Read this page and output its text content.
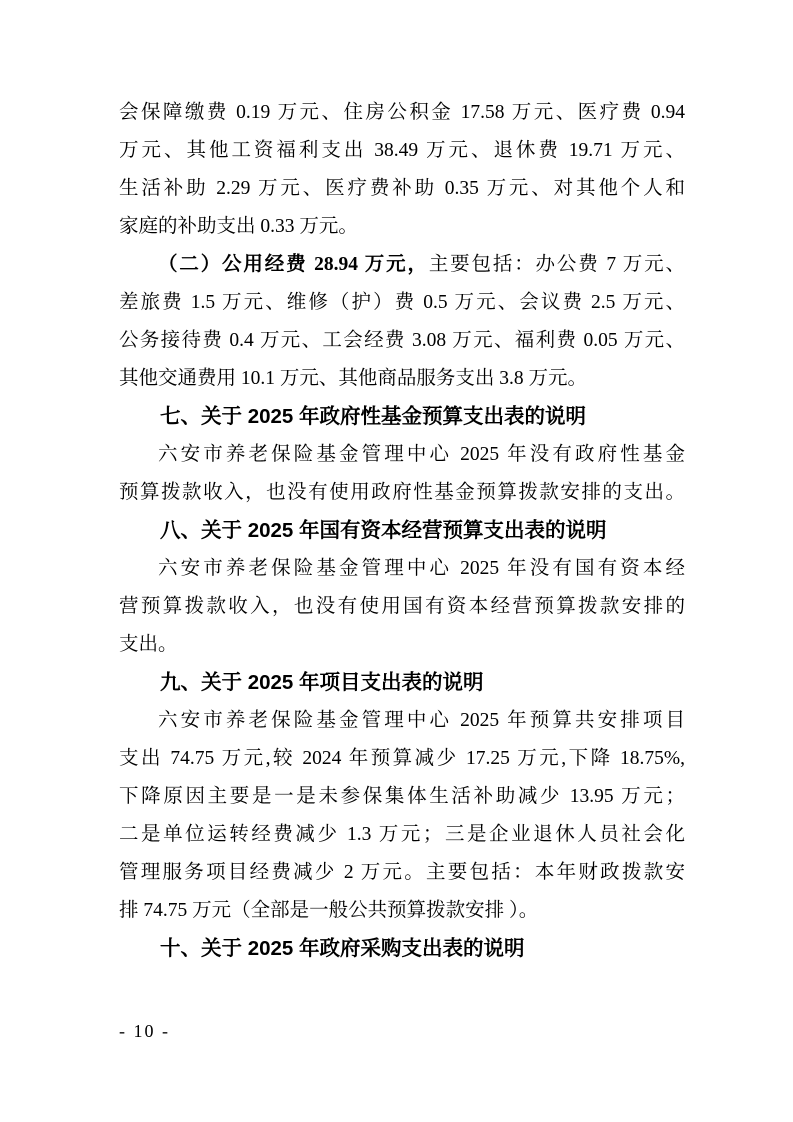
会保障缴费 0.19 万元、住房公积金 17.58 万元、医疗费 0.94
万元、其他工资福利支出 38.49 万元、退休费 19.71 万元、
生活补助 2.29 万元、医疗费补助 0.35 万元、对其他个人和
家庭的补助支出 0.33 万元。
（二）公用经费 28.94 万元，主要包括：办公费 7 万元、
差旅费 1.5 万元、维修（护）费 0.5 万元、会议费 2.5 万元、
公务接待费 0.4 万元、工会经费 3.08 万元、福利费 0.05 万元、
其他交通费用 10.1 万元、其他商品服务支出 3.8 万元。
七、关于 2025 年政府性基金预算支出表的说明
六安市养老保险基金管理中心 2025 年没有政府性基金
预算拨款收入，也没有使用政府性基金预算拨款安排的支出。
八、关于 2025 年国有资本经营预算支出表的说明
六安市养老保险基金管理中心 2025 年没有国有资本经
营预算拨款收入，也没有使用国有资本经营预算拨款安排的
支出。
九、关于 2025 年项目支出表的说明
六安市养老保险基金管理中心 2025 年预算共安排项目
支出 74.75 万元,较 2024 年预算减少 17.25 万元,下降 18.75%,
下降原因主要是一是未参保集体生活补助减少 13.95 万元；
二是单位运转经费减少 1.3 万元；三是企业退休人员社会化
管理服务项目经费减少 2 万元。主要包括：本年财政拨款安
排 74.75 万元（全部是一般公共预算拨款安排 ）。
十、关于 2025 年政府采购支出表的说明
- 10 -
